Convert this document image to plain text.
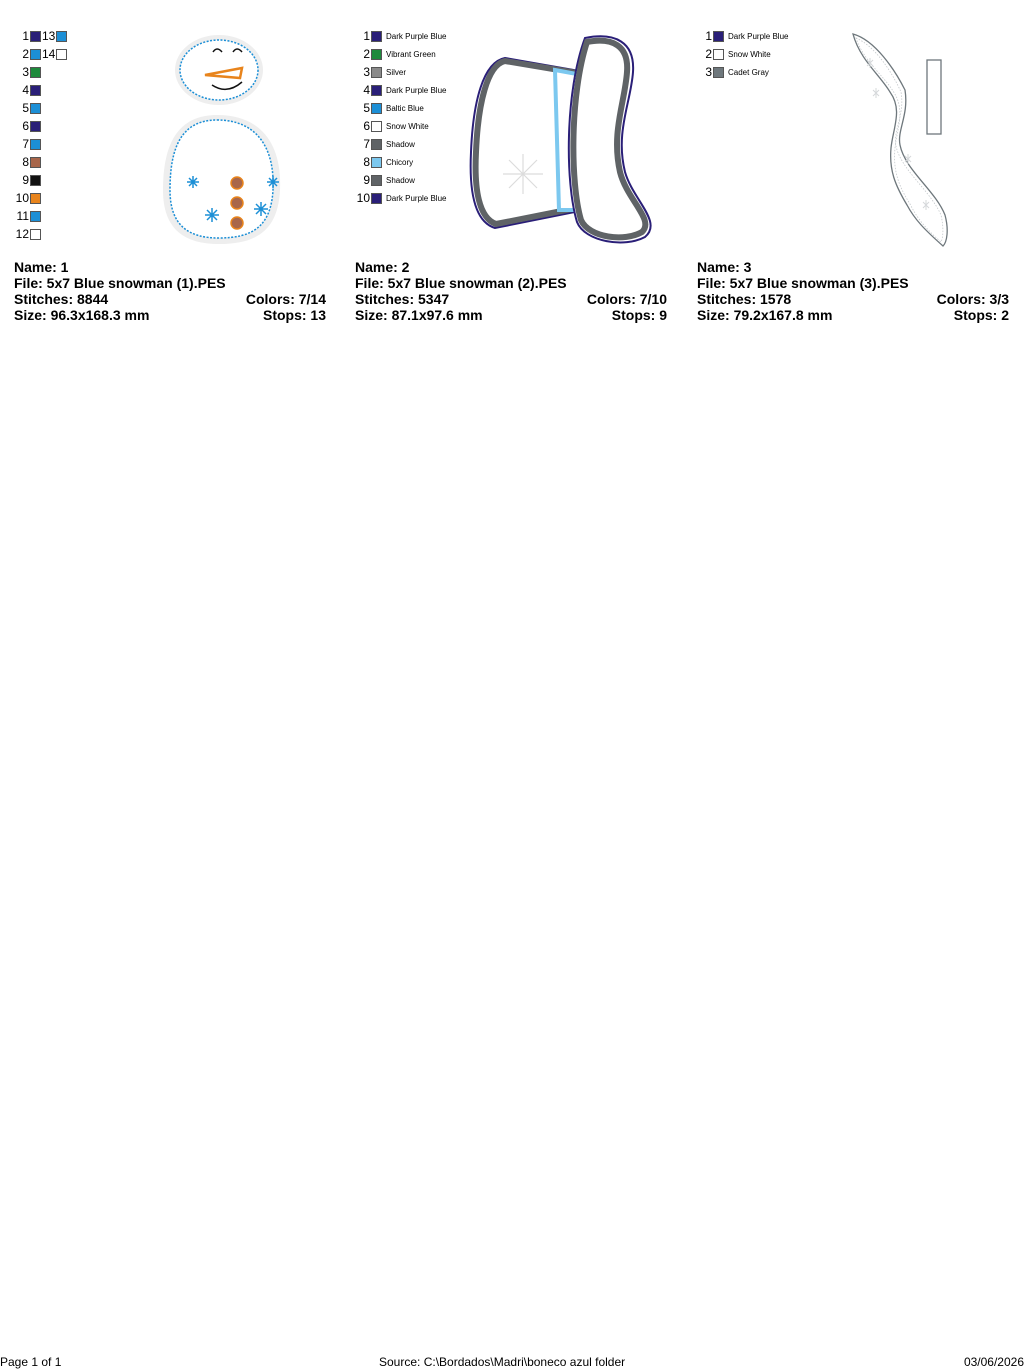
1
2
3
4
5
6
7
8
9
10
11
12
13
14
Name: 1
File: 5x7 Blue snowman (1).PES
Stitches: 8844	Colors: 7/14
Size: 96.3x168.3 mm	Stops: 13
1 Dark Purple Blue
2 Vibrant Green
3 Silver
4 Dark Purple Blue
5 Baltic Blue
6 Snow White
7 Shadow
8 Chicory
9 Shadow
10 Dark Purple Blue
Name: 2
File: 5x7 Blue snowman (2).PES
Stitches: 5347	Colors: 7/10
Size: 87.1x97.6 mm	Stops: 9
1 Dark Purple Blue
2 Snow White
3 Cadet Gray
Name: 3
File: 5x7 Blue snowman (3).PES
Stitches: 1578	Colors: 3/3
Size: 79.2x167.8 mm	Stops: 2
Page 1 of 1	Source: C:\Bordados\Madri\boneco azul folder	03/06/2026
